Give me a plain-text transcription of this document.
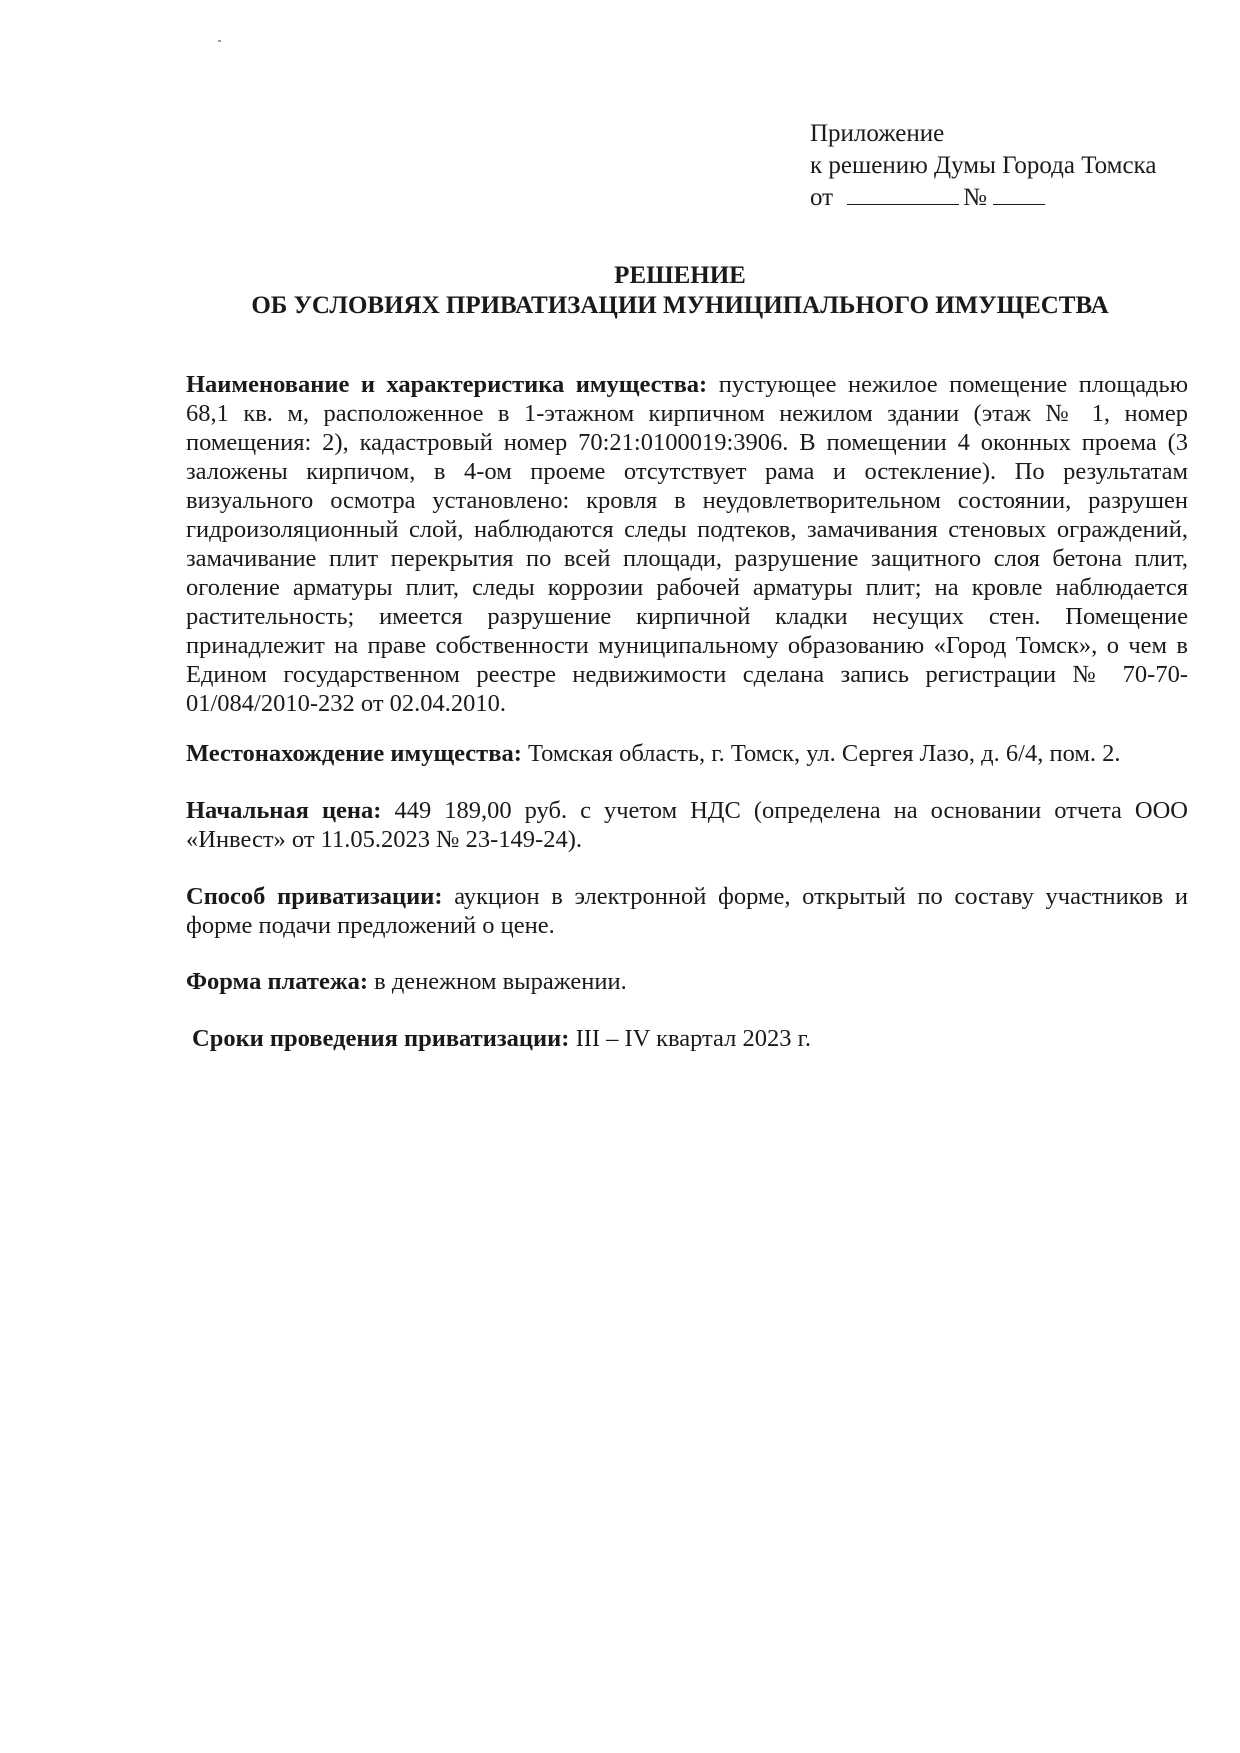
Приложение
к решению Думы Города Томска
от	№
РЕШЕНИЕ
ОБ УСЛОВИЯХ ПРИВАТИЗАЦИИ МУНИЦИПАЛЬНОГО ИМУЩЕСТВА
Наименование и характеристика имущества: пустующее нежилое помещение площадью 68,1 кв. м, расположенное в 1-этажном кирпичном нежилом здании (этаж № 1, номер помещения: 2), кадастровый номер 70:21:0100019:3906. В помещении 4 оконных проема (3 заложены кирпичом, в 4-ом проеме отсутствует рама и остекление). По результатам визуального осмотра установлено: кровля в неудовлетворительном состоянии, разрушен гидроизоляционный слой, наблюдаются следы подтеков, замачивания стеновых ограждений, замачивание плит перекрытия по всей площади, разрушение защитного слоя бетона плит, оголение арматуры плит, следы коррозии рабочей арматуры плит; на кровле наблюдается растительность; имеется разрушение кирпичной кладки несущих стен. Помещение принадлежит на праве собственности муниципальному образованию «Город Томск», о чем в Едином государственном реестре недвижимости сделана запись регистрации № 70-70-01/084/2010-232 от 02.04.2010.
Местонахождение имущества: Томская область, г. Томск, ул. Сергея Лазо, д. 6/4, пом. 2.
Начальная цена: 449 189,00 руб. с учетом НДС (определена на основании отчета ООО «Инвест» от 11.05.2023 № 23-149-24).
Способ приватизации: аукцион в электронной форме, открытый по составу участников и форме подачи предложений о цене.
Форма платежа: в денежном выражении.
Сроки проведения приватизации: III – IV квартал 2023 г.
